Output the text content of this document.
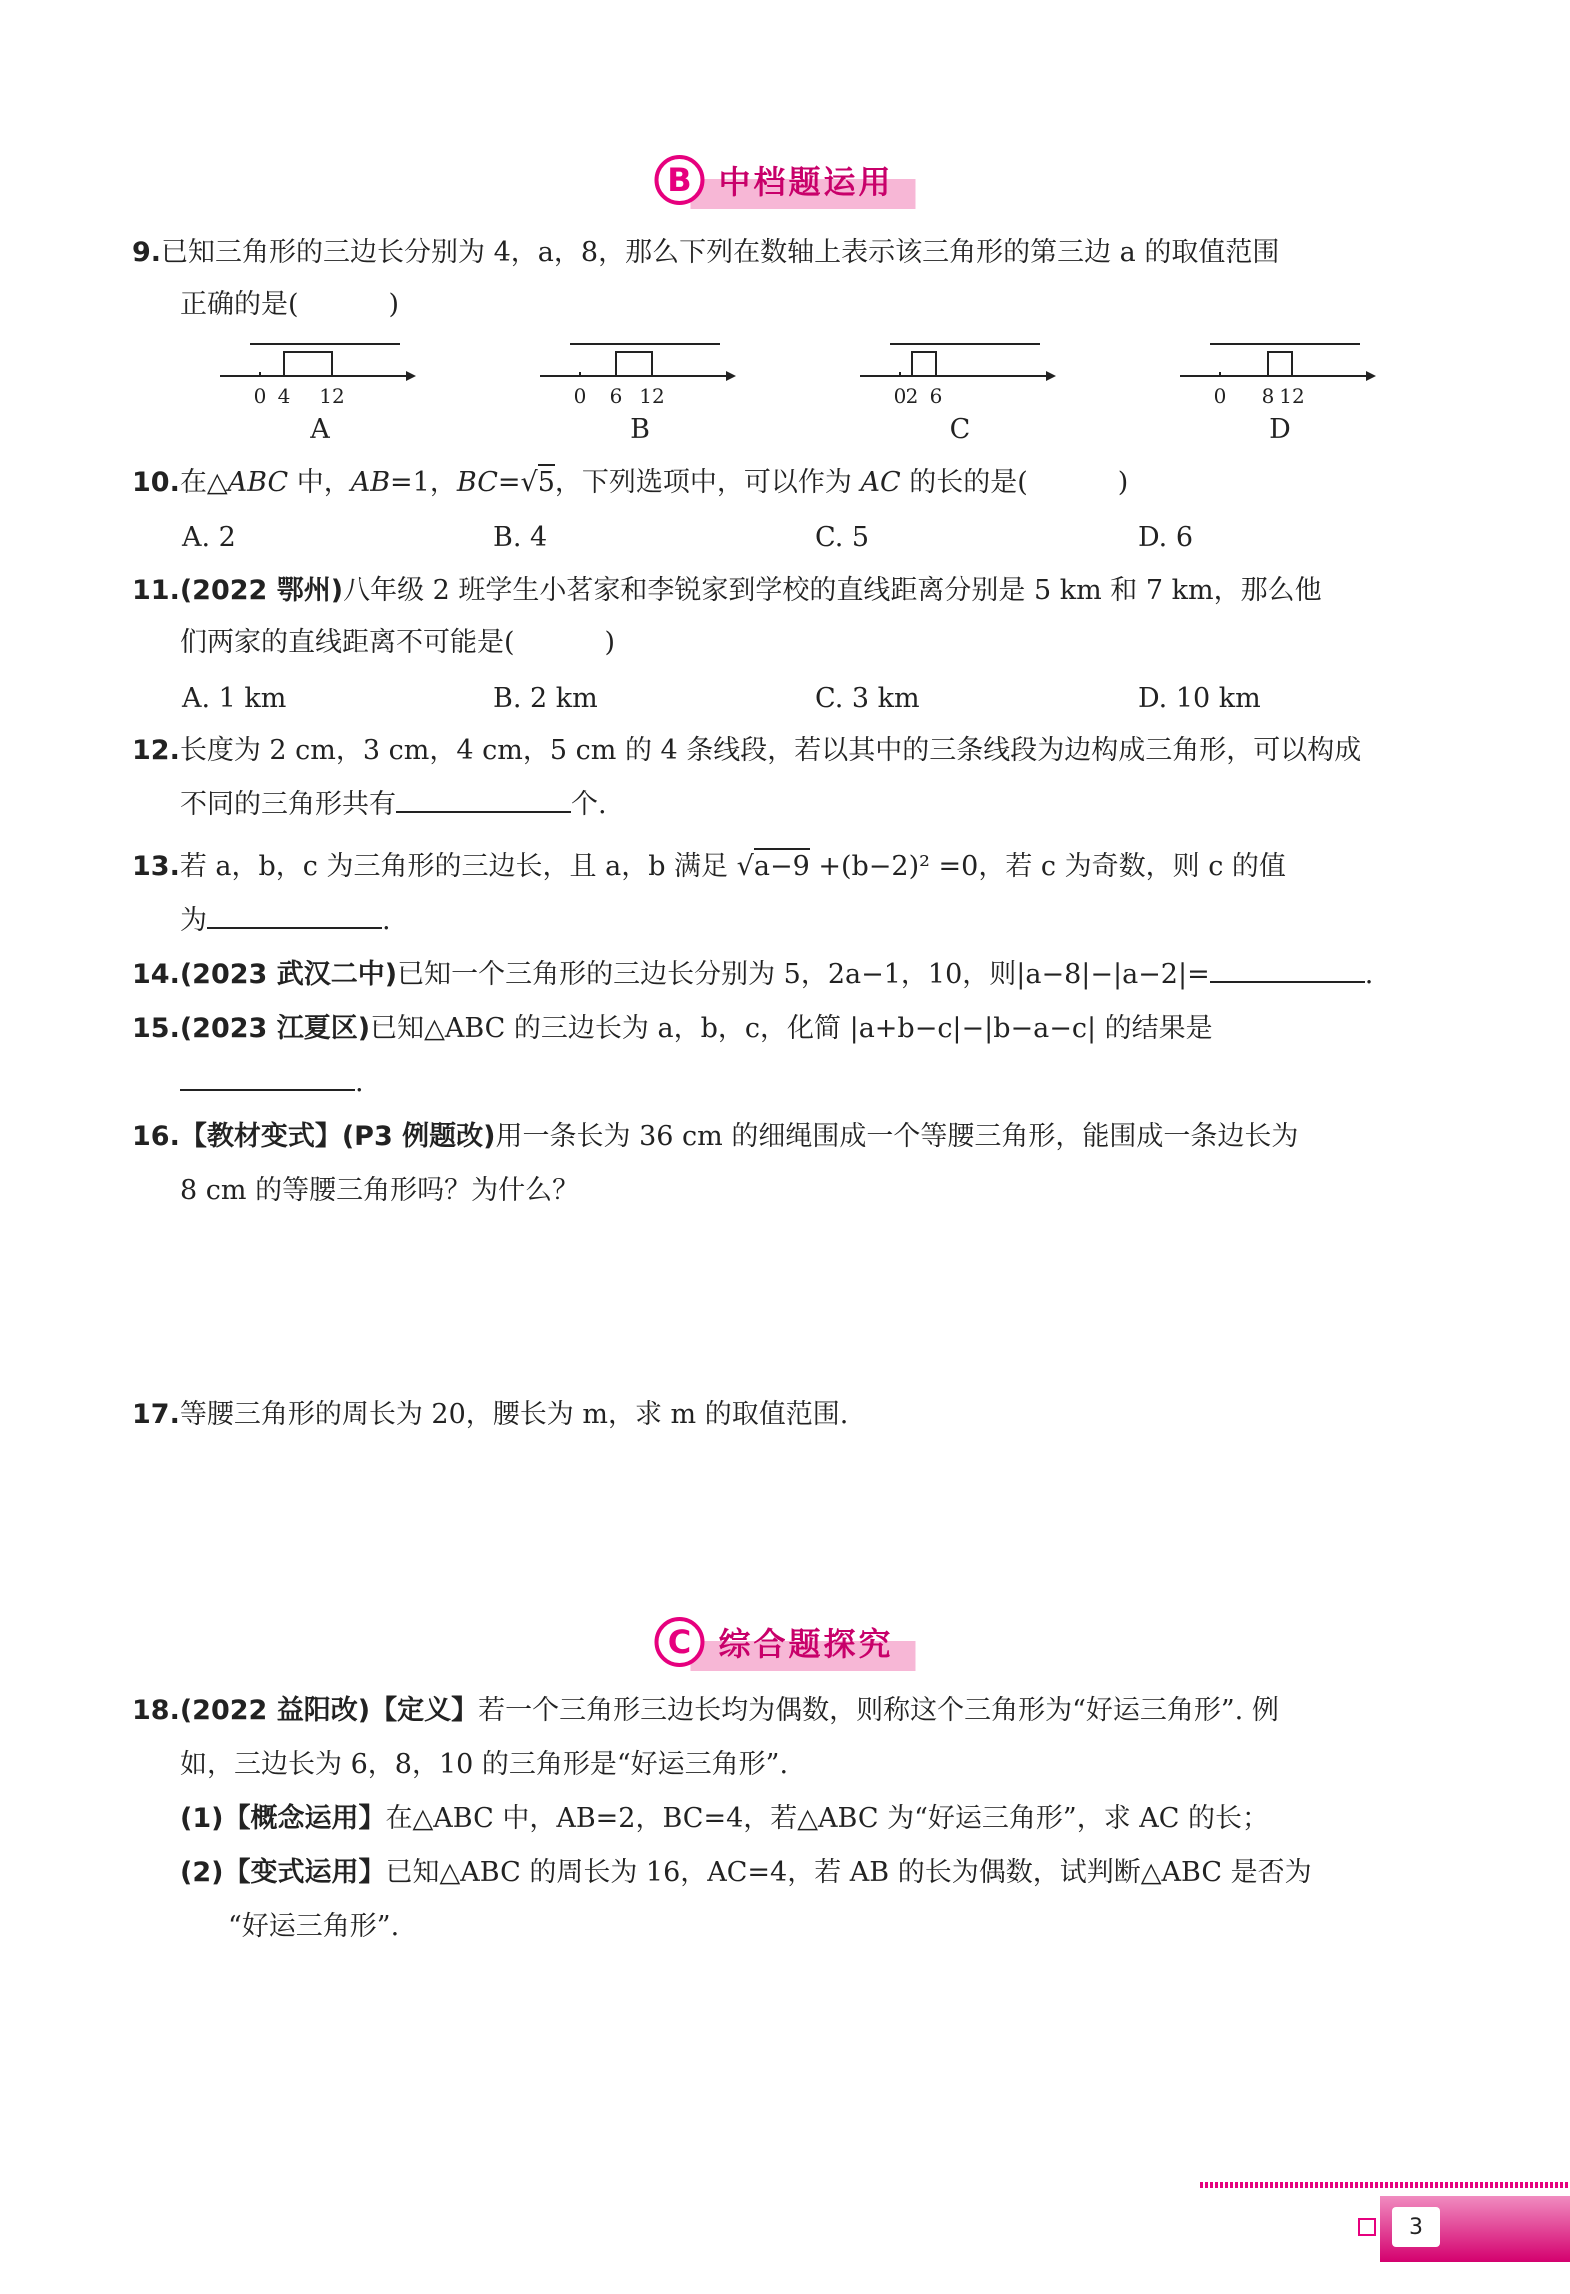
B 中档题运用
9.已知三角形的三边长分别为 4，a，8，那么下列在数轴上表示该三角形的第三边 a 的取值范围
正确的是(	)
0 4 12
A
0 6 12
B
0 2 6
C
0 8 12
D
10.在△ABC 中，AB=1，BC=√5，下列选项中，可以作为 AC 的长的是(	)
A. 2	B. 4	C. 5	D. 6
11.(2022 鄂州)八年级 2 班学生小茗家和李锐家到学校的直线距离分别是 5 km 和 7 km，那么他
们两家的直线距离不可能是(	)
A. 1 km	B. 2 km	C. 3 km	D. 10 km
12.长度为 2 cm，3 cm，4 cm，5 cm 的 4 条线段，若以其中的三条线段为边构成三角形，可以构成
不同的三角形共有	个.
13.若 a，b，c 为三角形的三边长，且 a，b 满足 √a−9 +(b−2)² =0，若 c 为奇数，则 c 的值
为	.
14.(2023 武汉二中)已知一个三角形的三边长分别为 5，2a−1，10，则|a−8|−|a−2|=	.
15.(2023 江夏区)已知△ABC 的三边长为 a，b，c，化简 |a+b−c|−|b−a−c| 的结果是
.
16.【教材变式】(P3 例题改)用一条长为 36 cm 的细绳围成一个等腰三角形，能围成一条边长为
8 cm 的等腰三角形吗？为什么？
17.等腰三角形的周长为 20，腰长为 m，求 m 的取值范围.
C 综合题探究
18.(2022 益阳改)【定义】若一个三角形三边长均为偶数，则称这个三角形为“好运三角形”. 例
如，三边长为 6，8，10 的三角形是“好运三角形”.
(1)【概念运用】在△ABC 中，AB=2，BC=4，若△ABC 为“好运三角形”，求 AC 的长；
(2)【变式运用】已知△ABC 的周长为 16，AC=4，若 AB 的长为偶数，试判断△ABC 是否为
“好运三角形”.
3
